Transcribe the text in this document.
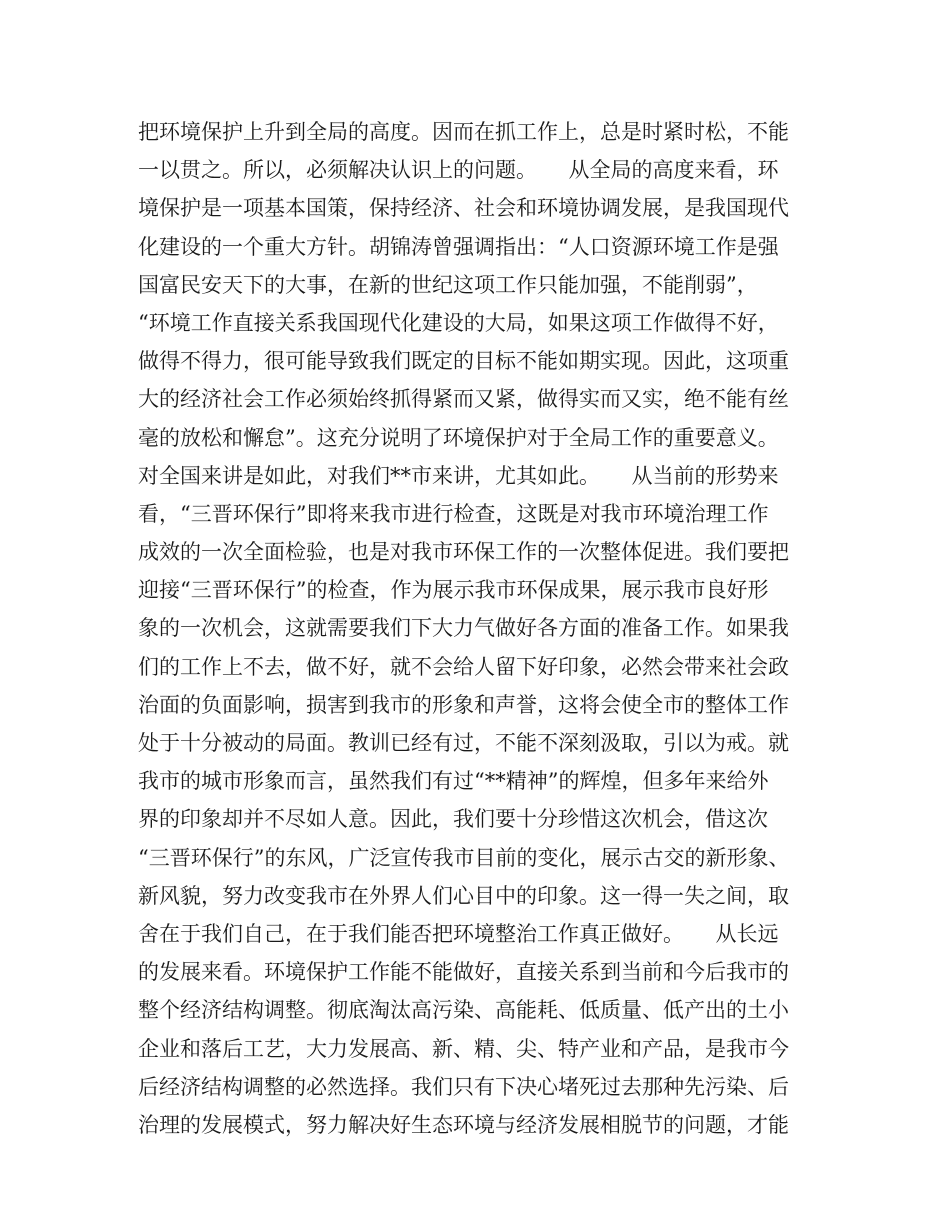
把环境保护上升到全局的高度。因而在抓工作上，总是时紧时松，不能
一以贯之。所以，必须解决认识上的问题。　　从全局的高度来看，环
境保护是一项基本国策，保持经济、社会和环境协调发展，是我国现代
化建设的一个重大方针。胡锦涛曾强调指出：“人口资源环境工作是强
国富民安天下的大事，在新的世纪这项工作只能加强，不能削弱”，
“环境工作直接关系我国现代化建设的大局，如果这项工作做得不好，
做得不得力，很可能导致我们既定的目标不能如期实现。因此，这项重
大的经济社会工作必须始终抓得紧而又紧，做得实而又实，绝不能有丝
毫的放松和懈怠”。这充分说明了环境保护对于全局工作的重要意义。
对全国来讲是如此，对我们**市来讲，尤其如此。　　从当前的形势来
看，“三晋环保行”即将来我市进行检查，这既是对我市环境治理工作
成效的一次全面检验，也是对我市环保工作的一次整体促进。我们要把
迎接“三晋环保行”的检查，作为展示我市环保成果，展示我市良好形
象的一次机会，这就需要我们下大力气做好各方面的准备工作。如果我
们的工作上不去，做不好，就不会给人留下好印象，必然会带来社会政
治面的负面影响，损害到我市的形象和声誉，这将会使全市的整体工作
处于十分被动的局面。教训已经有过，不能不深刻汲取，引以为戒。就
我市的城市形象而言，虽然我们有过“**精神”的辉煌，但多年来给外
界的印象却并不尽如人意。因此，我们要十分珍惜这次机会，借这次
“三晋环保行”的东风，广泛宣传我市目前的变化，展示古交的新形象、
新风貌，努力改变我市在外界人们心目中的印象。这一得一失之间，取
舍在于我们自己，在于我们能否把环境整治工作真正做好。　　从长远
的发展来看。环境保护工作能不能做好，直接关系到当前和今后我市的
整个经济结构调整。彻底淘汰高污染、高能耗、低质量、低产出的土小
企业和落后工艺，大力发展高、新、精、尖、特产业和产品，是我市今
后经济结构调整的必然选择。我们只有下决心堵死过去那种先污染、后
治理的发展模式，努力解决好生态环境与经济发展相脱节的问题，才能
